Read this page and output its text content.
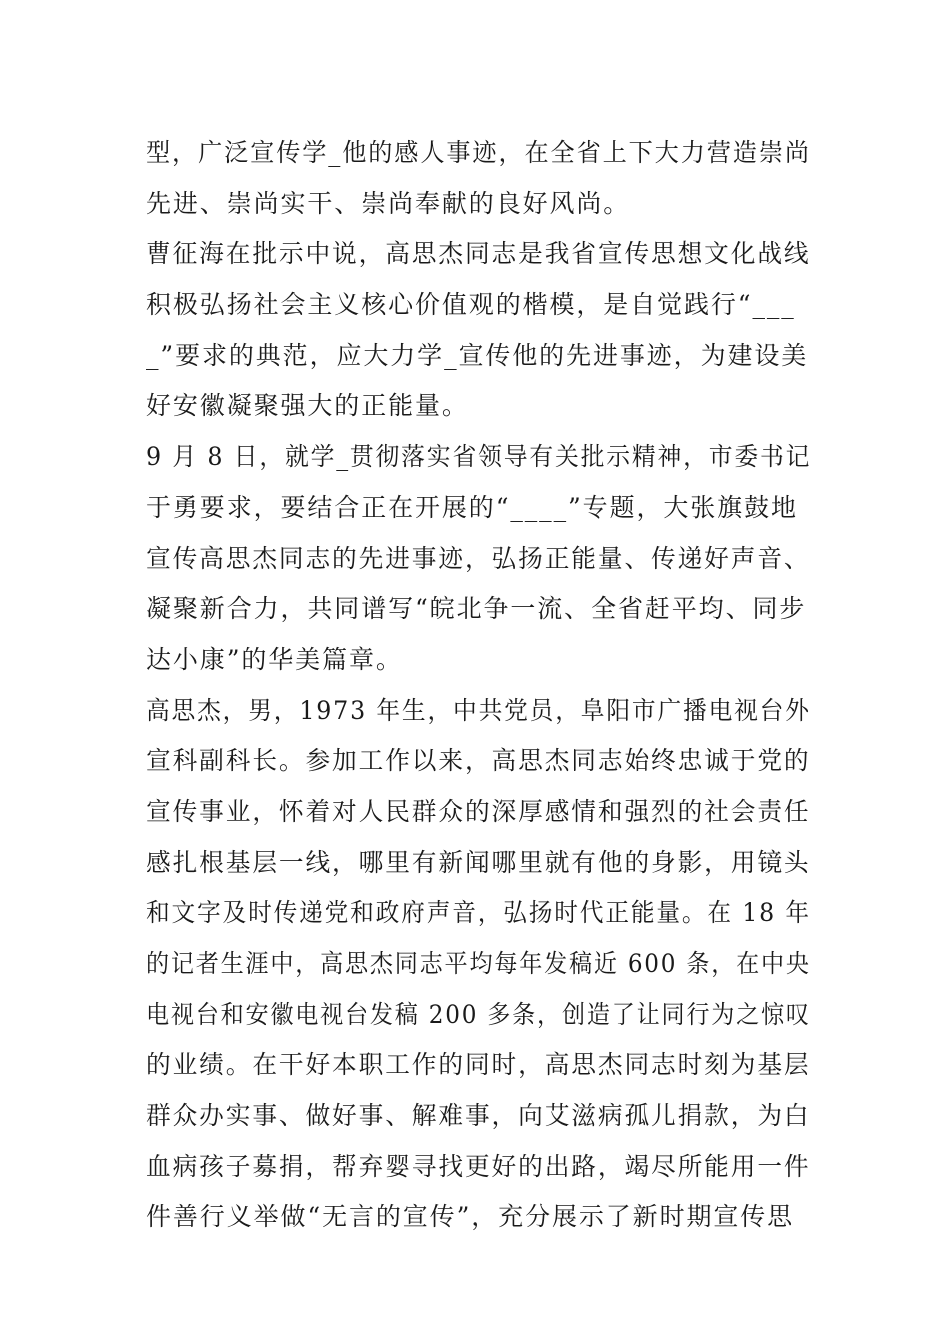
型，广泛宣传学_他的感人事迹，在全省上下大力营造崇尚
先进、崇尚实干、崇尚奉献的良好风尚。
曹征海在批示中说，高思杰同志是我省宣传思想文化战线
积极弘扬社会主义核心价值观的楷模，是自觉践行“___
_”要求的典范，应大力学_宣传他的先进事迹，为建设美
好安徽凝聚强大的正能量。
9 月 8 日，就学_贯彻落实省领导有关批示精神，市委书记
于勇要求，要结合正在开展的“____”专题，大张旗鼓地
宣传高思杰同志的先进事迹，弘扬正能量、传递好声音、
凝聚新合力，共同谱写“皖北争一流、全省赶平均、同步
达小康”的华美篇章。
高思杰，男，1973 年生，中共党员，阜阳市广播电视台外
宣科副科长。参加工作以来，高思杰同志始终忠诚于党的
宣传事业，怀着对人民群众的深厚感情和强烈的社会责任
感扎根基层一线，哪里有新闻哪里就有他的身影，用镜头
和文字及时传递党和政府声音，弘扬时代正能量。在 18 年
的记者生涯中，高思杰同志平均每年发稿近 600 条，在中央
电视台和安徽电视台发稿 200 多条，创造了让同行为之惊叹
的业绩。在干好本职工作的同时，高思杰同志时刻为基层
群众办实事、做好事、解难事，向艾滋病孤儿捐款，为白
血病孩子募捐，帮弃婴寻找更好的出路，竭尽所能用一件
件善行义举做“无言的宣传”，充分展示了新时期宣传思
